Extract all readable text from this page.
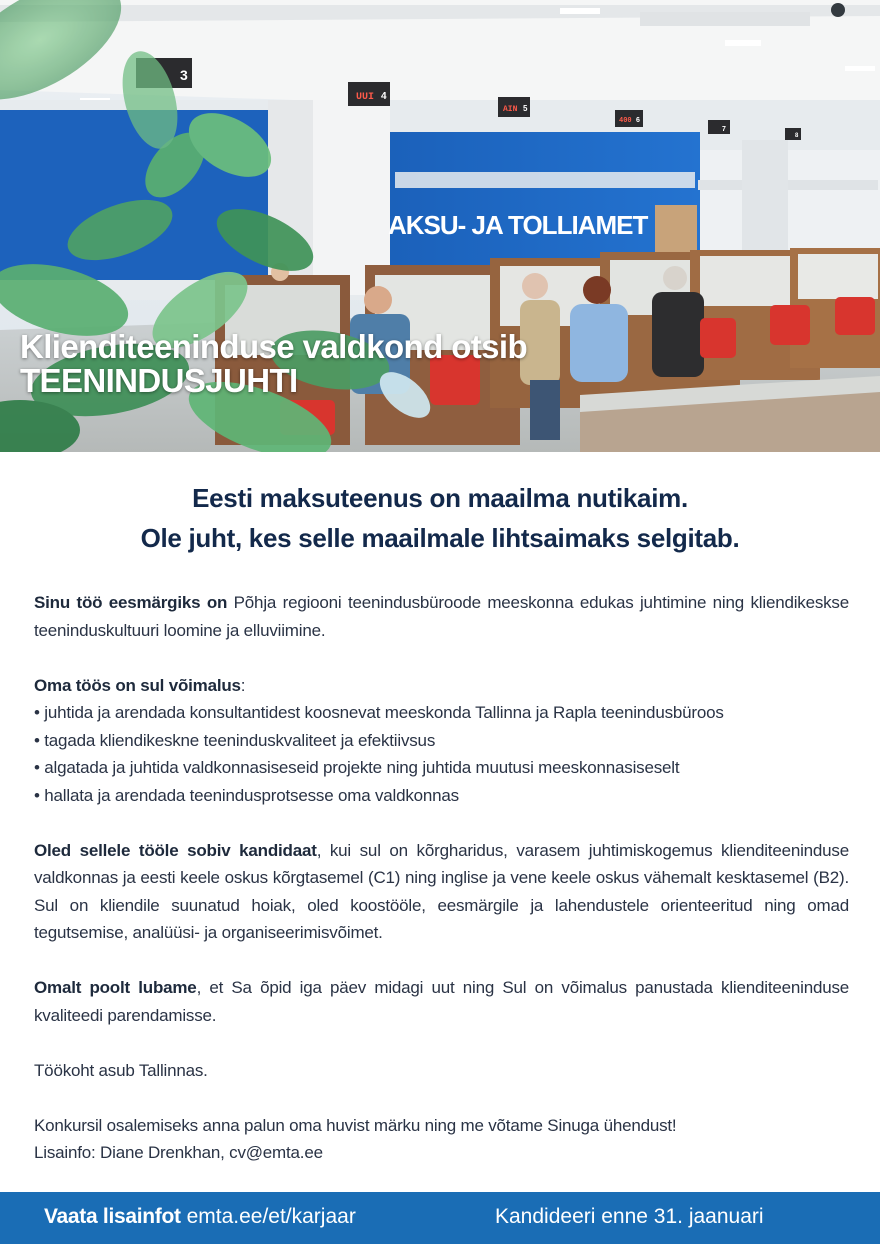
AKSU- JA TOLLIAMET
3
UUI 4
AIN 5
400 6
7
8
Klienditeeninduse valdkond otsib
TEENINDUSJUHTI
Eesti maksuteenus on maailma nutikaim.
Ole juht, kes selle maailmale lihtsaimaks selgitab.

Sinu töö eesmärgiks on Põhja regiooni teenindusbüroode meeskonna edukas juhtimine ning kliendikeskse teeninduskultuuri loomine ja elluviimine.

Oma töös on sul võimalus:
• juhtida ja arendada konsultantidest koosnevat meeskonda Tallinna ja Rapla teenindusbüroos
• tagada kliendikeskne teeninduskvaliteet ja efektiivsus
• algatada ja juhtida valdkonnasiseseid projekte ning juhtida muutusi meeskonnasiseselt
• hallata ja arendada teenindusprotsesse oma valdkonnas

Oled sellele tööle sobiv kandidaat, kui sul on kõrgharidus, varasem juhtimiskogemus klienditeeninduse valdkonnas ja eesti keele oskus kõrgtasemel (C1) ning inglise ja vene keele oskus vähemalt kesktasemel (B2). Sul on kliendile suunatud hoiak, oled koostööle, eesmärgile ja lahendustele orienteeritud ning omad tegutsemise, analüüsi- ja organiseerimisvõimet.

Omalt poolt lubame, et Sa õpid iga päev midagi uut ning Sul on võimalus panustada klienditeeninduse kvaliteedi parendamisse.

Töökoht asub Tallinnas.

Konkursil osalemiseks anna palun oma huvist märku ning me võtame Sinuga ühendust!
Lisainfo: Diane Drenkhan, cv@emta.ee
Vaata lisainfot emta.ee/et/karjaar	Kandideeri enne 31. jaanuari
